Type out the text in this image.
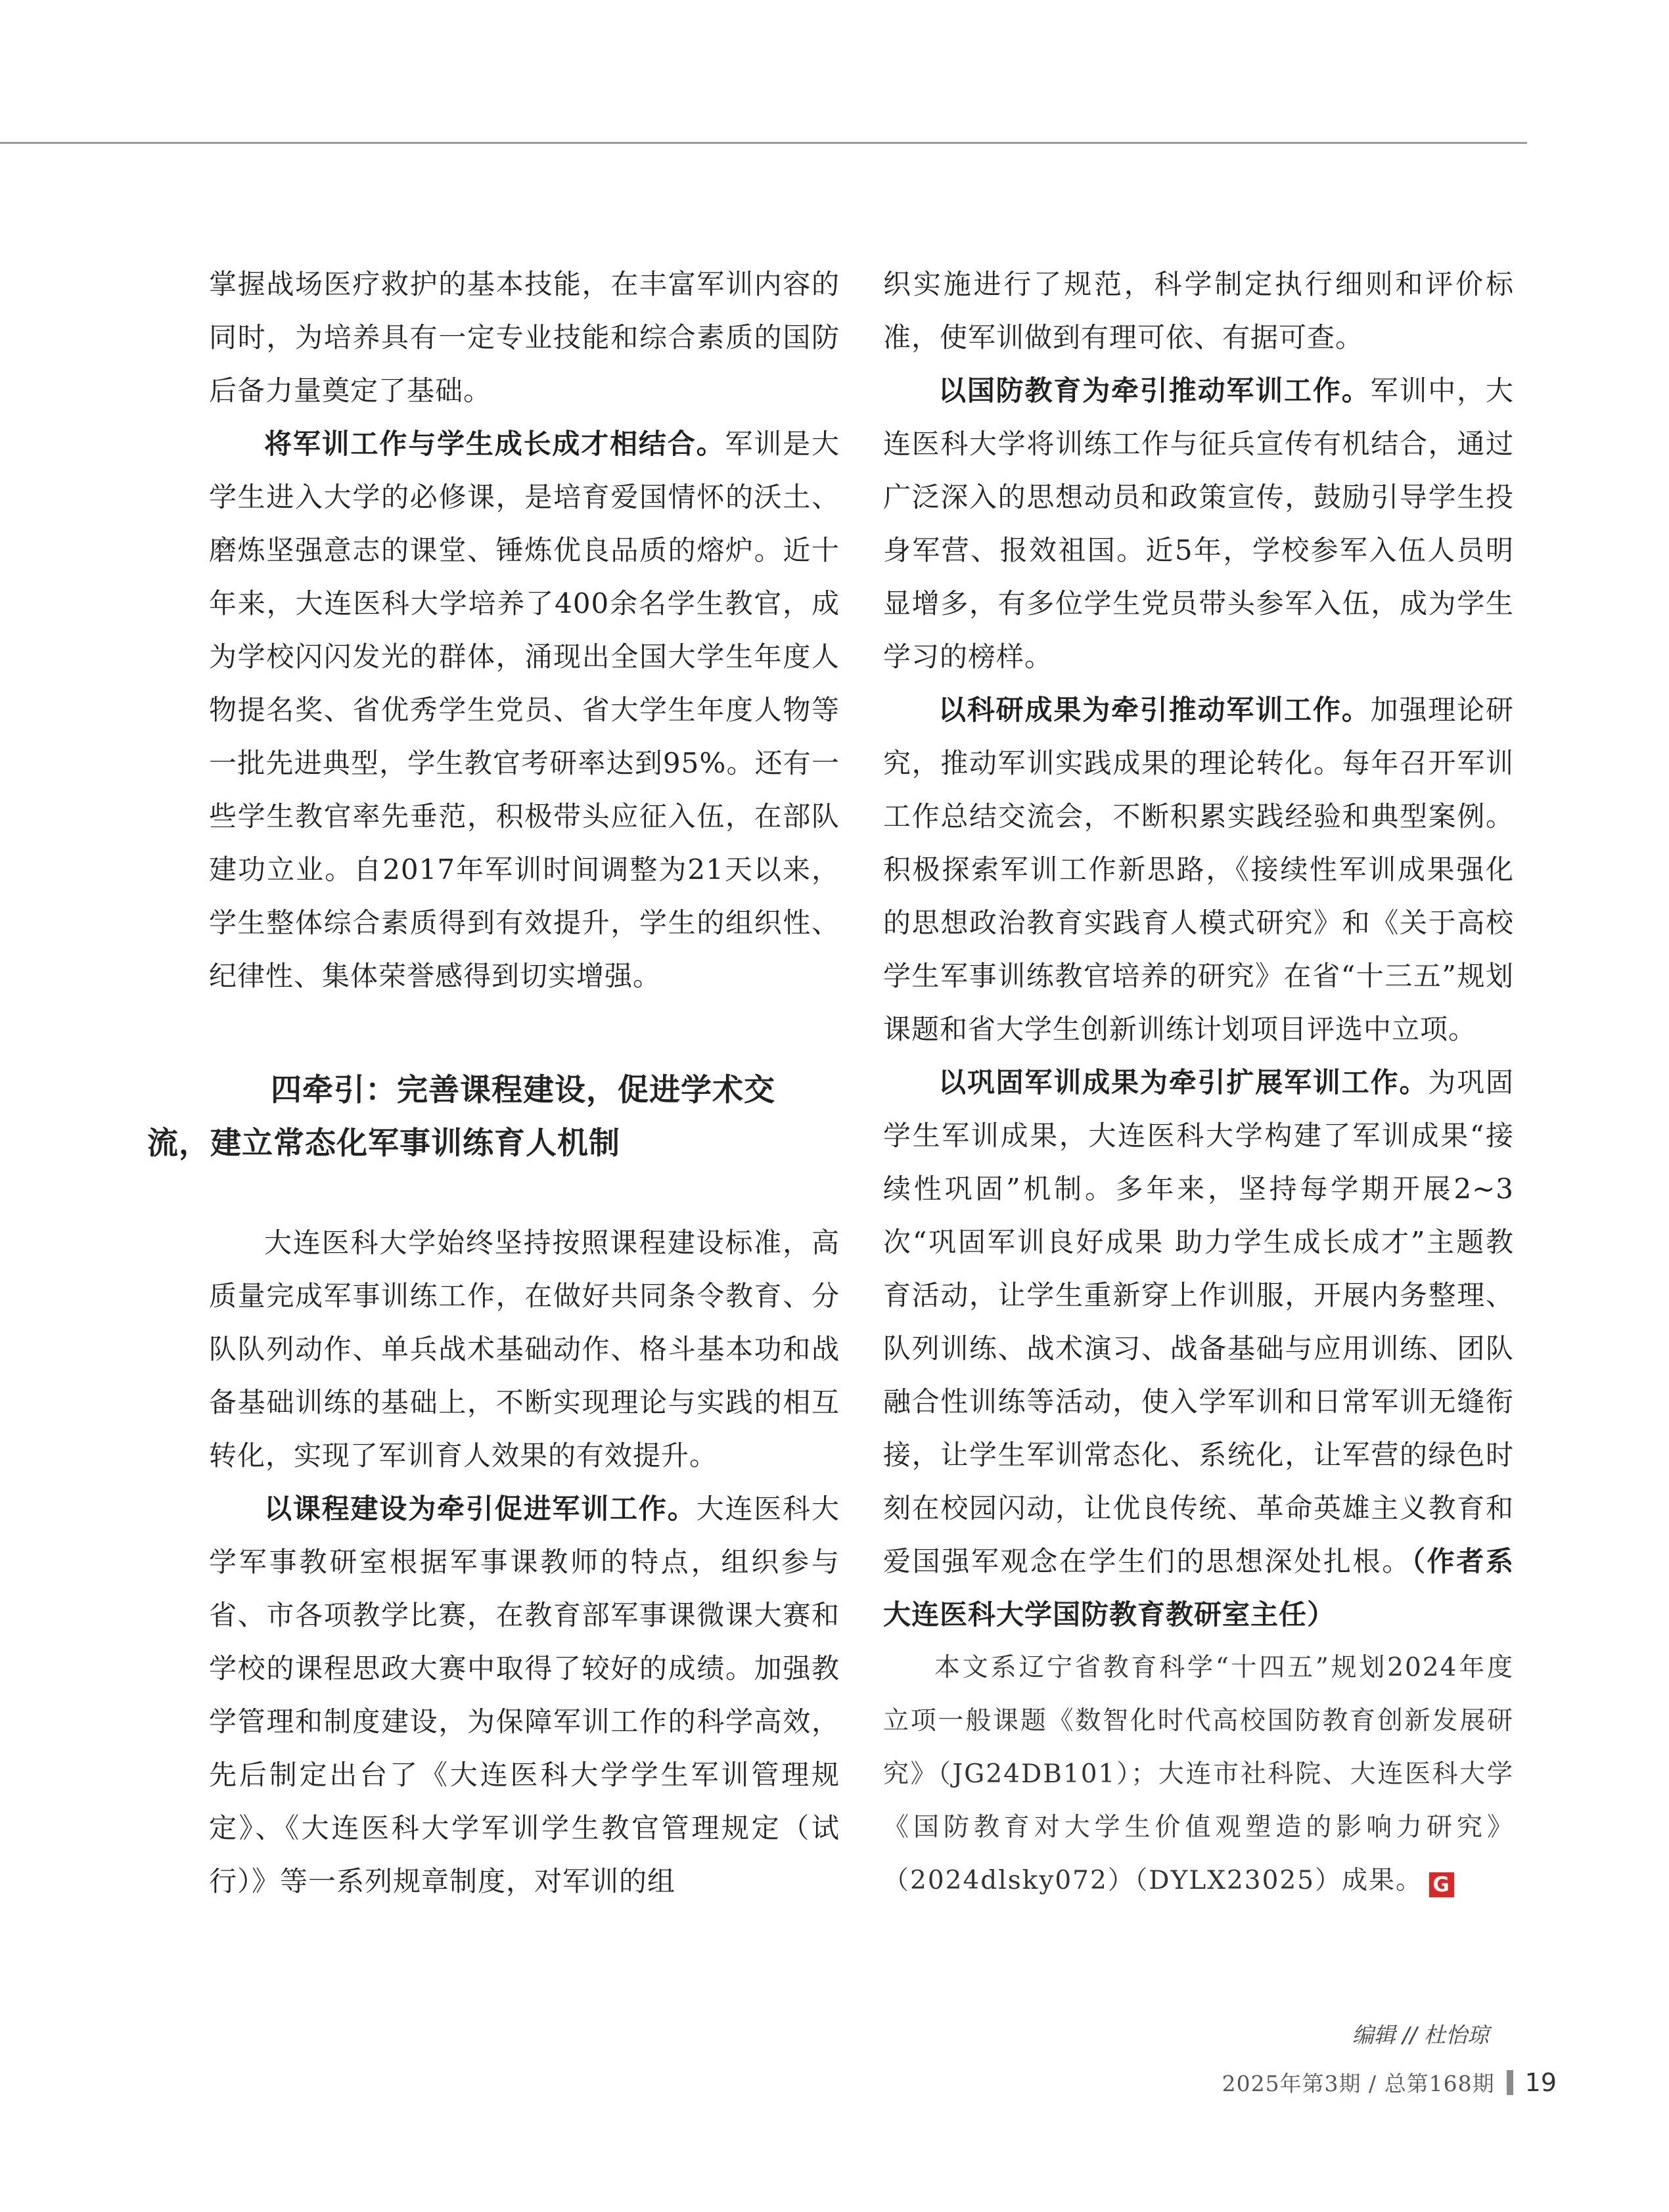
掌握战场医疗救护的基本技能，在丰富军训内容的同时，为培养具有一定专业技能和综合素质的国防后备力量奠定了基础。

将军训工作与学生成长成才相结合。军训是大学生进入大学的必修课，是培育爱国情怀的沃土、磨炼坚强意志的课堂、锤炼优良品质的熔炉。近十年来，大连医科大学培养了400余名学生教官，成为学校闪闪发光的群体，涌现出全国大学生年度人物提名奖、省优秀学生党员、省大学生年度人物等一批先进典型，学生教官考研率达到95%。还有一些学生教官率先垂范，积极带头应征入伍，在部队建功立业。自2017年军训时间调整为21天以来，学生整体综合素质得到有效提升，学生的组织性、纪律性、集体荣誉感得到切实增强。

四牵引：完善课程建设，促进学术交
流，建立常态化军事训练育人机制

大连医科大学始终坚持按照课程建设标准，高质量完成军事训练工作，在做好共同条令教育、分队队列动作、单兵战术基础动作、格斗基本功和战备基础训练的基础上，不断实现理论与实践的相互转化，实现了军训育人效果的有效提升。

以课程建设为牵引促进军训工作。大连医科大学军事教研室根据军事课教师的特点，组织参与省、市各项教学比赛，在教育部军事课微课大赛和学校的课程思政大赛中取得了较好的成绩。加强教学管理和制度建设，为保障军训工作的科学高效，先后制定出台了《大连医科大学学生军训管理规定》、《大连医科大学军训学生教官管理规定（试行）》等一系列规章制度，对军训的组

织实施进行了规范，科学制定执行细则和评价标准，使军训做到有理可依、有据可查。

以国防教育为牵引推动军训工作。军训中，大连医科大学将训练工作与征兵宣传有机结合，通过广泛深入的思想动员和政策宣传，鼓励引导学生投身军营、报效祖国。近5年，学校参军入伍人员明显增多，有多位学生党员带头参军入伍，成为学生学习的榜样。

以科研成果为牵引推动军训工作。加强理论研究，推动军训实践成果的理论转化。每年召开军训工作总结交流会，不断积累实践经验和典型案例。积极探索军训工作新思路，《接续性军训成果强化的思想政治教育实践育人模式研究》和《关于高校学生军事训练教官培养的研究》在省“十三五”规划课题和省大学生创新训练计划项目评选中立项。

以巩固军训成果为牵引扩展军训工作。为巩固学生军训成果，大连医科大学构建了军训成果“接续性巩固”机制。多年来，坚持每学期开展2~3次“巩固军训良好成果 助力学生成长成才”主题教育活动，让学生重新穿上作训服，开展内务整理、队列训练、战术演习、战备基础与应用训练、团队融合性训练等活动，使入学军训和日常军训无缝衔接，让学生军训常态化、系统化，让军营的绿色时刻在校园闪动，让优良传统、革命英雄主义教育和爱国强军观念在学生们的思想深处扎根。（作者系大连医科大学国防教育教研室主任）

本文系辽宁省教育科学“十四五”规划2024年度立项一般课题《数智化时代高校国防教育创新发展研究》（JG24DB101）；大连市社科院、大连医科大学《国防教育对大学生价值观塑造的影响力研究》（2024dlsky072）（DYLX23025）成果。 G

编辑 // 杜怡琼
2025年第3期 / 总第168期 19
